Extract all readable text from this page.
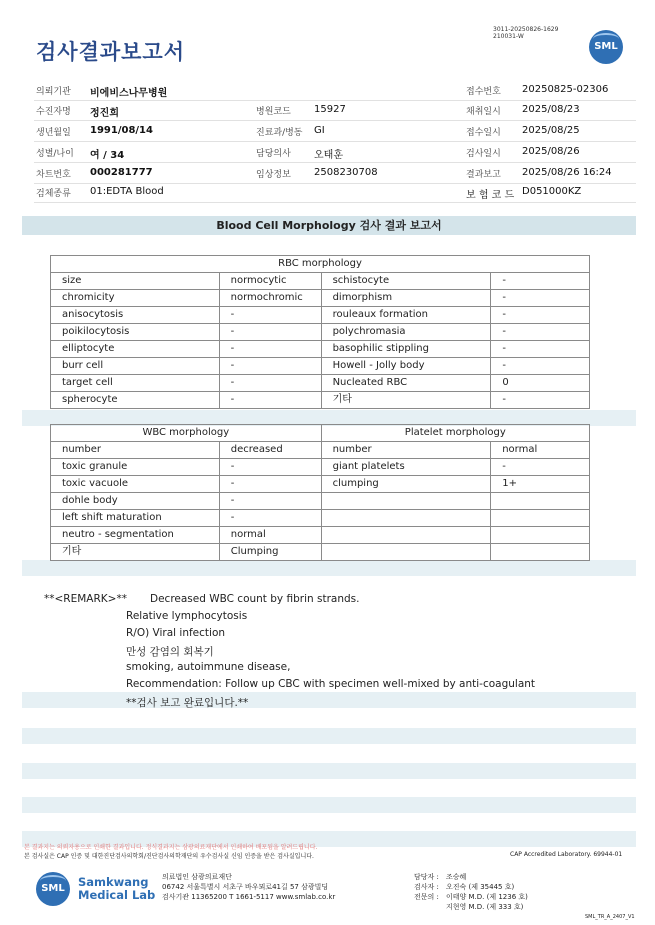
검사결과보고서
3011-20250826-1629
210031-W
SML
의뢰기관 비에비스나무병원	접수번호 20250825-02306
수진자명 정진희	병원코드 15927	채취일시 2025/08/23
생년월일 1991/08/14	진료과/병동 GI	접수일시 2025/08/25
성별/나이 여 / 34	담당의사 오태훈	검사일시 2025/08/26
차트번호 000281777	임상정보 2508230708	결과보고 2025/08/26 16:24
검체종류 01:EDTA Blood	보 험 코 드 D051000KZ
Blood Cell Morphology 검사 결과 보고서
RBC morphology			
size	normocytic	schistocyte	-
chromicity	normochromic	dimorphism	-
anisocytosis	-	rouleaux formation	-
poikilocytosis	-	polychromasia	-
elliptocyte	-	basophilic stippling	-
burr cell	-	Howell - Jolly body	-
target cell	-	Nucleated RBC	0
spherocyte	-	기타	-
WBC morphology		Platelet morphology	
number	decreased	number	normal
toxic granule	-	giant platelets	-
toxic vacuole	-	clumping	1+
dohle body	-		
left shift maturation	-		
neutro - segmentation	normal		
기타	Clumping		
**<REMARK>** Decreased WBC count by fibrin strands.
Relative lymphocytosis
R/O) Viral infection
만성 감염의 회복기
smoking, autoimmune disease,
Recommendation: Follow up CBC with specimen well-mixed by anti-coagulant
**검사 보고 완료입니다.**
본 결과지는 의뢰자용으로 인쇄한 결과입니다. 정식결과지는 삼광의료재단에서 인쇄하여 배포됨을 알려드립니다.
본 검사실은 CAP 인증 및 대한진단검사의학회/진단검사의학재단의 우수검사실 신임 인증을 받은 검사실입니다.	CAP Accredited Laboratory. 69944-01
SML	Samkwang
Medical Lab
의료법인 삼광의료재단
06742 서울특별시 서초구 바우뫼로41길 57 삼광빌딩
검사기관 11365200 T 1661-5117 www.smlab.co.kr
담당자 : 조승혜
검사자 : 오진숙 (제 35445 호)
전문의 : 이태양 M.D. (제 1236 호)
지현영 M.D. (제 333 호)
SML_TR_A_2407_V1
